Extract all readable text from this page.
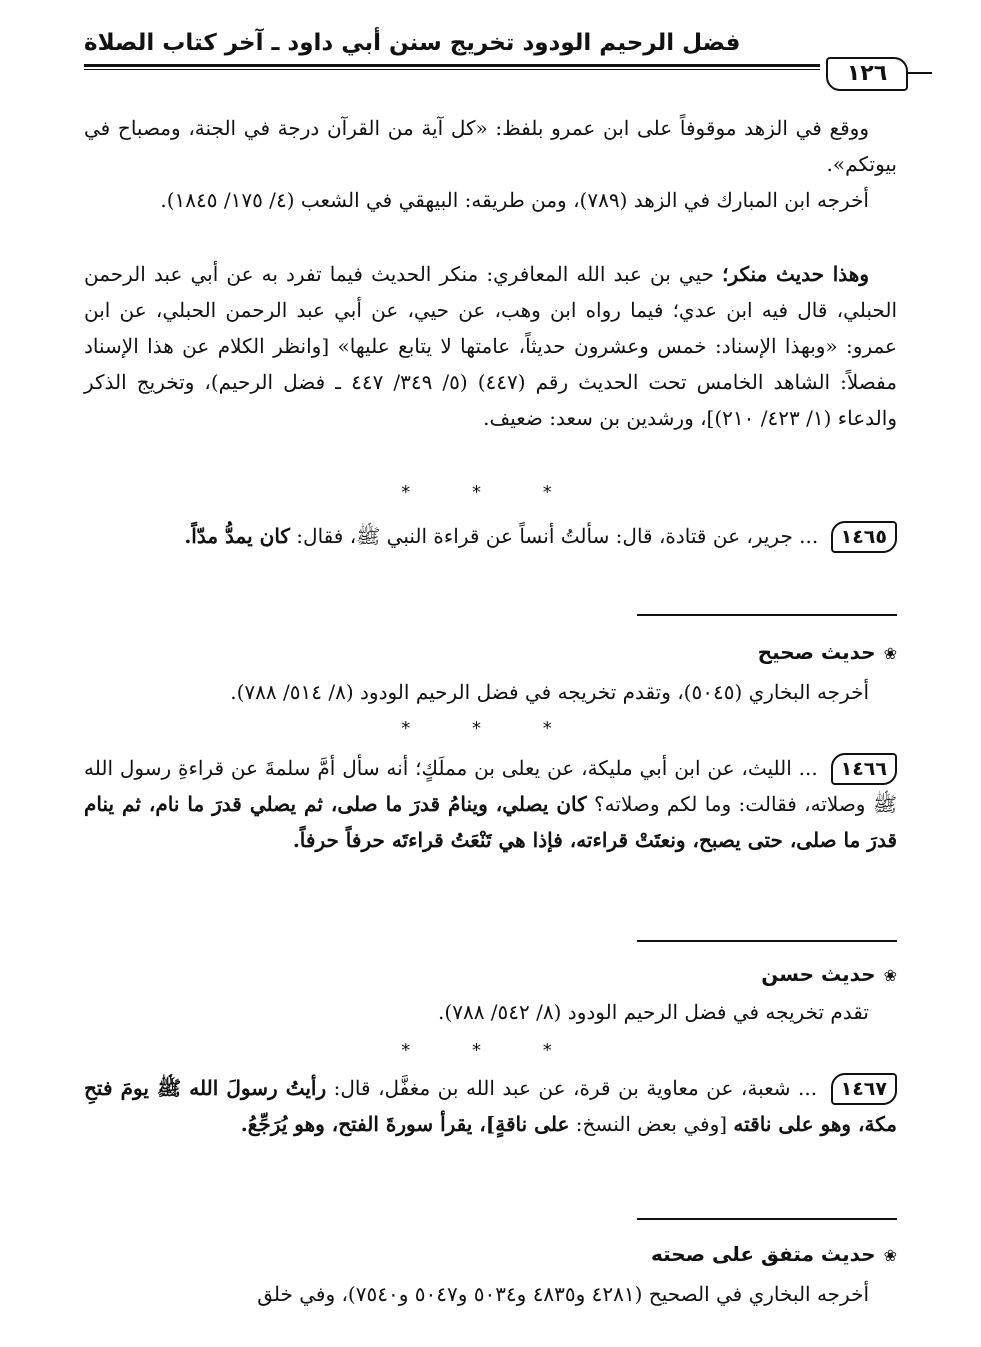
فضل الرحيم الودود تخريج سنن أبي داود ـ آخر كتاب الصلاة
١٢٦

ووقع في الزهد موقوفاً على ابن عمرو بلفظ: «كل آية من القرآن درجة في الجنة، ومصباح في بيوتكم».

أخرجه ابن المبارك في الزهد (٧٨٩)، ومن طريقه: البيهقي في الشعب (٤/ ١٧٥/ ١٨٤٥).

وهذا حديث منكر؛ حيي بن عبد الله المعافري: منكر الحديث فيما تفرد به عن أبي عبد الرحمن الحبلي، قال فيه ابن عدي؛ فيما رواه ابن وهب، عن حيي، عن أبي عبد الرحمن الحبلي، عن ابن عمرو: «وبهذا الإسناد: خمس وعشرون حديثاً، عامتها لا يتابع عليها» [وانظر الكلام عن هذا الإسناد مفصلاً: الشاهد الخامس تحت الحديث رقم (٤٤٧) (٥/ ٣٤٩/ ٤٤٧ ـ فضل الرحيم)، وتخريج الذكر والدعاء (١/ ٤٢٣/ ٢١٠)]، ورشدين بن سعد: ضعيف.

* * *

١٤٦٥ ... جرير، عن قتادة، قال: سألتُ أنساً عن قراءة النبي ﷺ، فقال: كان يمدُّ مدّاً.

❀حديث صحيح

أخرجه البخاري (٥٠٤٥)، وتقدم تخريجه في فضل الرحيم الودود (٨/ ٥١٤/ ٧٨٨).

* * *

١٤٦٦ ... الليث، عن ابن أبي مليكة، عن يعلى بن مملَكٍ؛ أنه سأل أمَّ سلمةَ عن قراءةِ رسول الله ﷺ وصلاته، فقالت: وما لكم وصلاته؟ كان يصلي، وينامُ قدرَ ما صلى، ثم يصلي قدرَ ما نام، ثم ينام قدرَ ما صلى، حتى يصبح، ونعتَتْ قراءته، فإذا هي تَنْعَتُ قراءتَه حرفاً حرفاً.

❀حديث حسن

تقدم تخريجه في فضل الرحيم الودود (٨/ ٥٤٢/ ٧٨٨).

* * *

١٤٦٧ ... شعبة، عن معاوية بن قرة، عن عبد الله بن مغفَّل، قال: رأيتُ رسولَ الله ﷺ يومَ فتحِ مكة، وهو على ناقته [وفي بعض النسخ: على ناقةٍ]، يقرأ سورةَ الفتح، وهو يُرَجِّعُ.

❀حديث متفق على صحته

أخرجه البخاري في الصحيح (٤٢٨١ و٤٨٣٥ و٥٠٣٤ و٥٠٤٧ و٧٥٤٠)، وفي خلق
